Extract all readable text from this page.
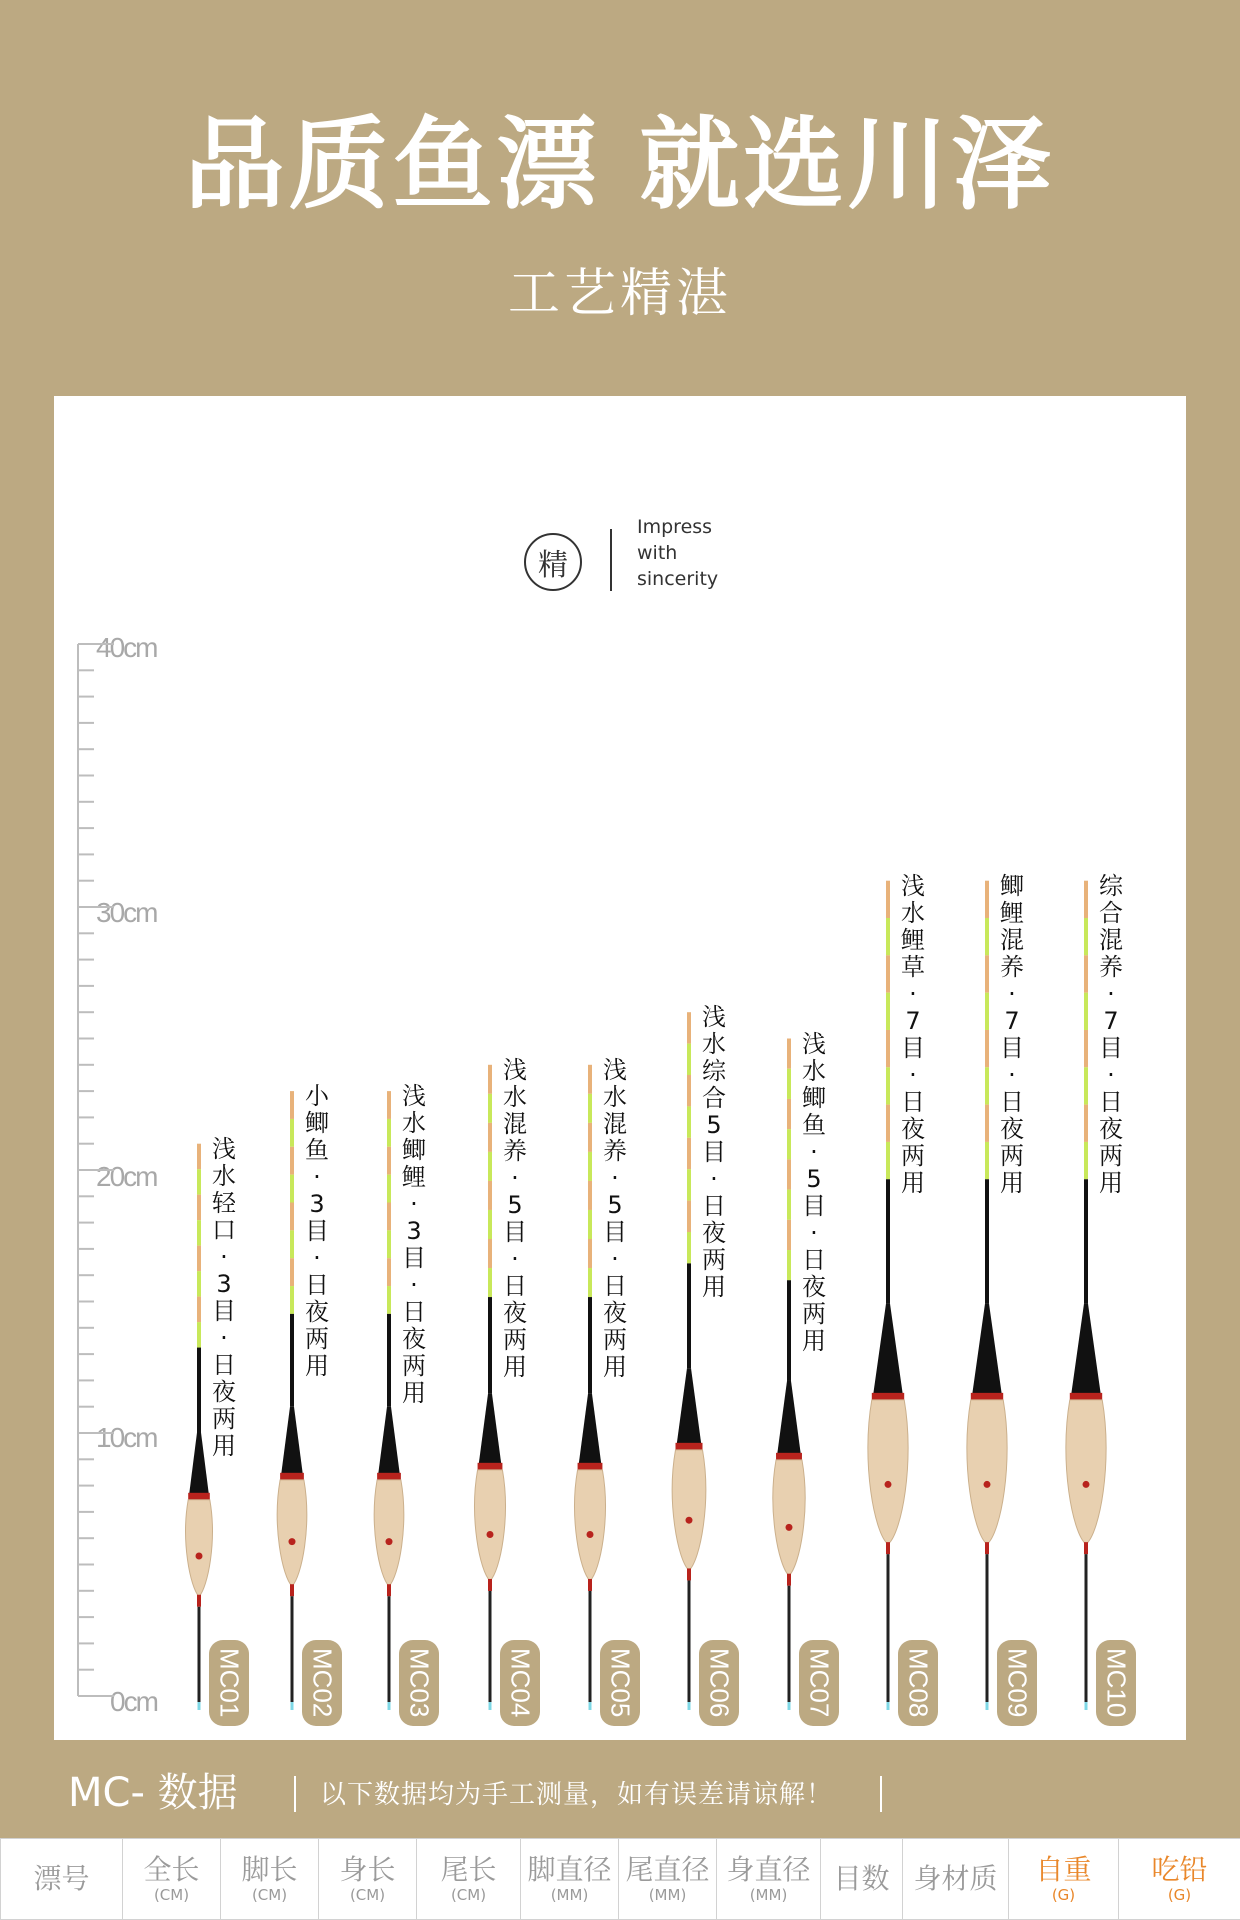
品质鱼漂 就选川泽
工艺精湛
精
Impress
with
sincerity
40cm
30cm
20cm
10cm
0cm
浅
水
轻
口
·
3
目
·
日
夜
两
用
MC01
小
鲫
鱼
·
3
目
·
日
夜
两
用
MC02
浅
水
鲫
鲤
·
3
目
·
日
夜
两
用
MC03
浅
水
混
养
·
5
目
·
日
夜
两
用
MC04
浅
水
混
养
·
5
目
·
日
夜
两
用
MC05
浅
水
综
合
5
目
·
日
夜
两
用
MC06
浅
水
鲫
鱼
·
5
目
·
日
夜
两
用
MC07
浅
水
鲤
草
·
7
目
·
日
夜
两
用
MC08
鲫
鲤
混
养
·
7
目
·
日
夜
两
用
MC09
综
合
混
养
·
7
目
·
日
夜
两
用
MC10
MC- 数据	以下数据均为手工测量，如有误差请谅解！
漂号	全长
(CM)
	脚长
(CM)
	身长
(CM)
	尾长
(CM)
	脚直径
(MM)
	尾直径
(MM)
	身直径
(MM)	目数	身材质	自重
(G)
	吃铅
(G)
